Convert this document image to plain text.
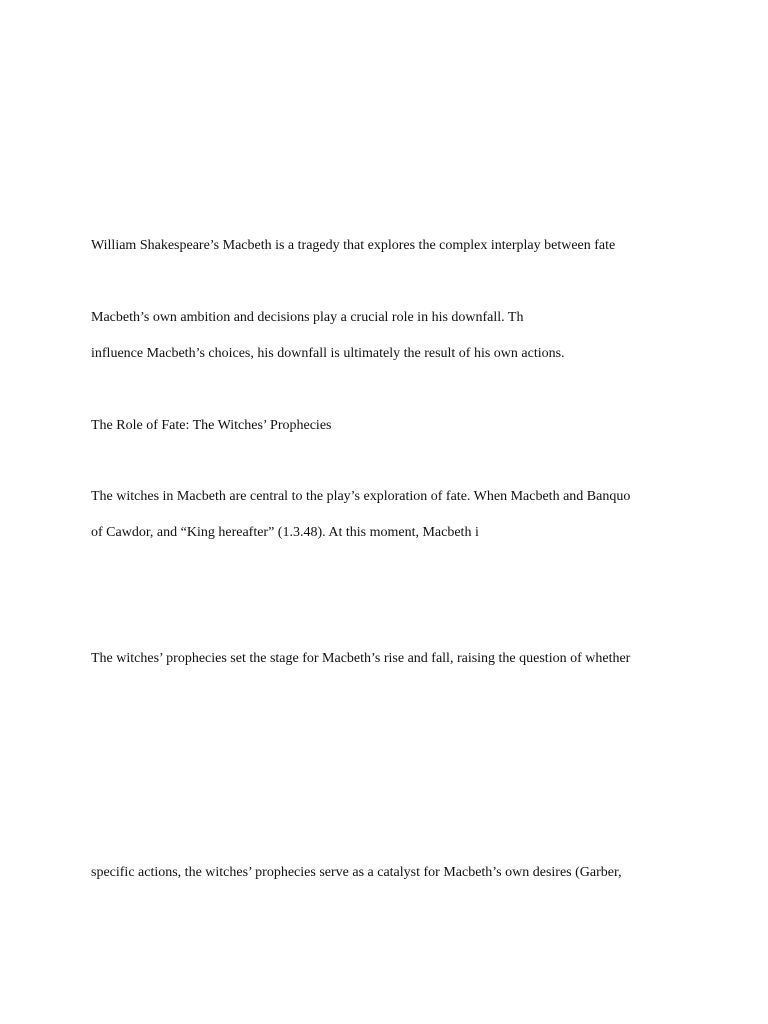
William Shakespeare’s Macbeth is a tragedy that explores the complex interplay between fate
Macbeth’s own ambition and decisions play a crucial role in his downfall. Th
influence Macbeth’s choices, his downfall is ultimately the result of his own actions.
The Role of Fate: The Witches’ Prophecies
The witches in Macbeth are central to the play’s exploration of fate. When Macbeth and Banquo
of Cawdor, and “King hereafter” (1.3.48). At this moment, Macbeth i
The witches’ prophecies set the stage for Macbeth’s rise and fall, raising the question of whether
specific actions, the witches’ prophecies serve as a catalyst for Macbeth’s own desires (Garber,
